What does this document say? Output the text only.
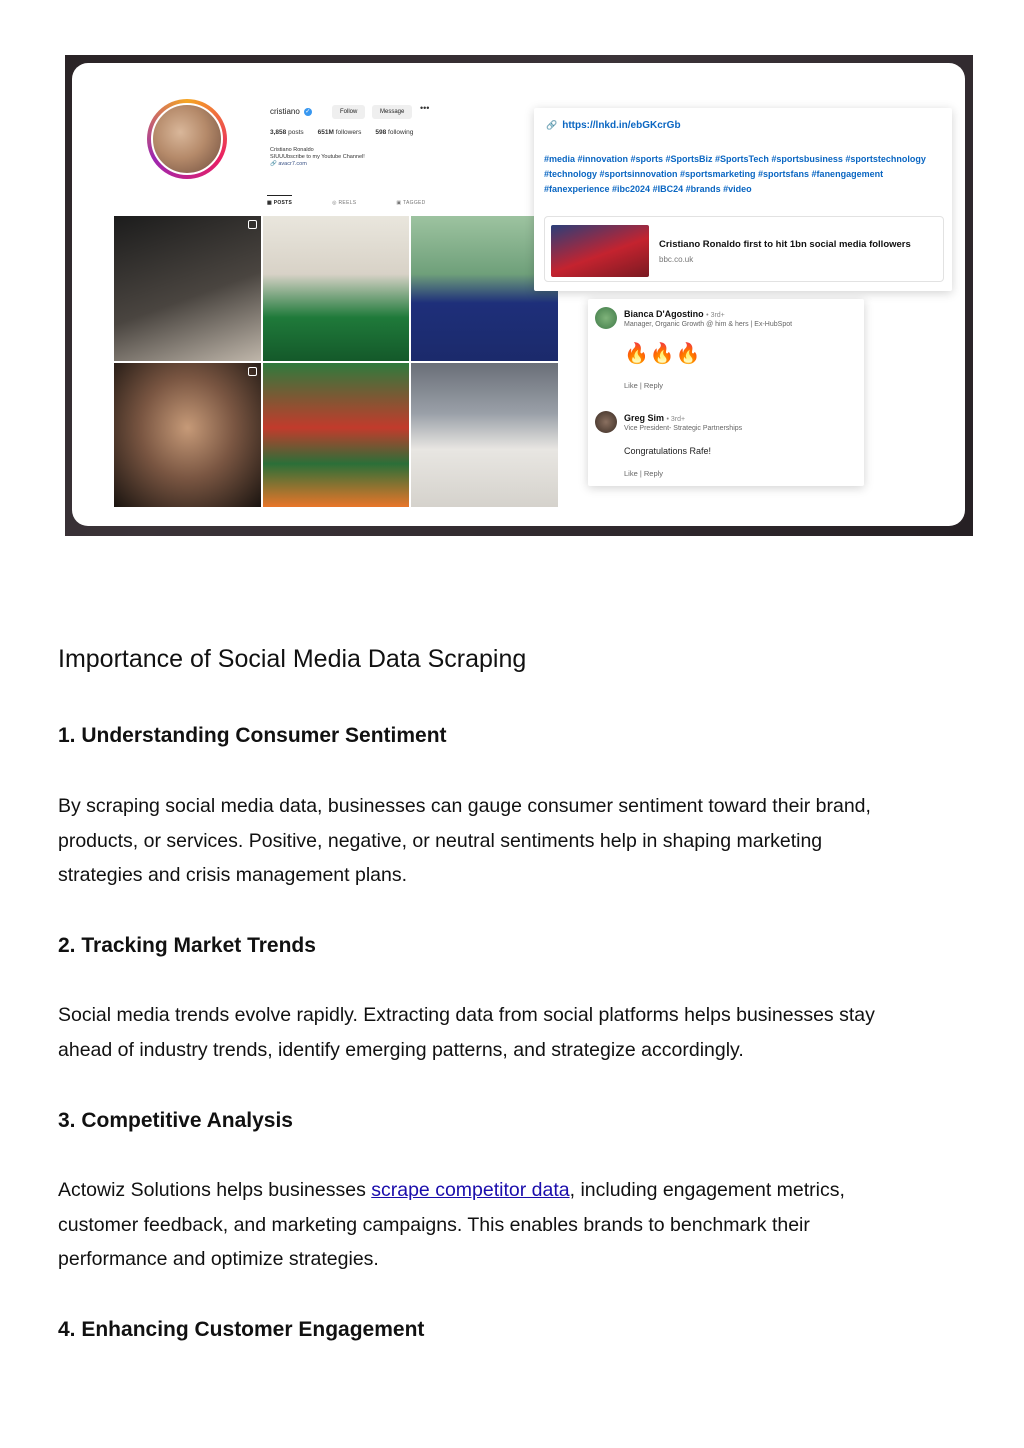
cristiano ✓	Follow	Message	•••
3,858 posts 651M followers 598 following
Cristiano Ronaldo
SIUUUbscribe to my Youtube Channel!
🔗 avacr7.com
▦ POSTS	◎ REELS	▣ TAGGED
🔗 https://lnkd.in/ebGKcrGb
#media #innovation #sports #SportsBiz #SportsTech #sportsbusiness #sportstechnology #technology #sportsinnovation #sportsmarketing #sportsfans #fanengagement #fanexperience #ibc2024 #IBC24 #brands #video
Cristiano Ronaldo first to hit 1bn social media followers
bbc.co.uk
Bianca D'Agostino • 3rd+
Manager, Organic Growth @ him & hers | Ex-HubSpot
🔥🔥🔥
Like | Reply
Greg Sim • 3rd+
Vice President- Strategic Partnerships
Congratulations Rafe!
Like | Reply
Importance of Social Media Data Scraping
1. Understanding Consumer Sentiment

By scraping social media data, businesses can gauge consumer sentiment toward their brand,
products, or services. Positive, negative, or neutral sentiments help in shaping marketing
strategies and crisis management plans.

2. Tracking Market Trends

Social media trends evolve rapidly. Extracting data from social platforms helps businesses stay
ahead of industry trends, identify emerging patterns, and strategize accordingly.

3. Competitive Analysis

Actowiz Solutions helps businesses scrape competitor data, including engagement metrics,
customer feedback, and marketing campaigns. This enables brands to benchmark their
performance and optimize strategies.

4. Enhancing Customer Engagement
